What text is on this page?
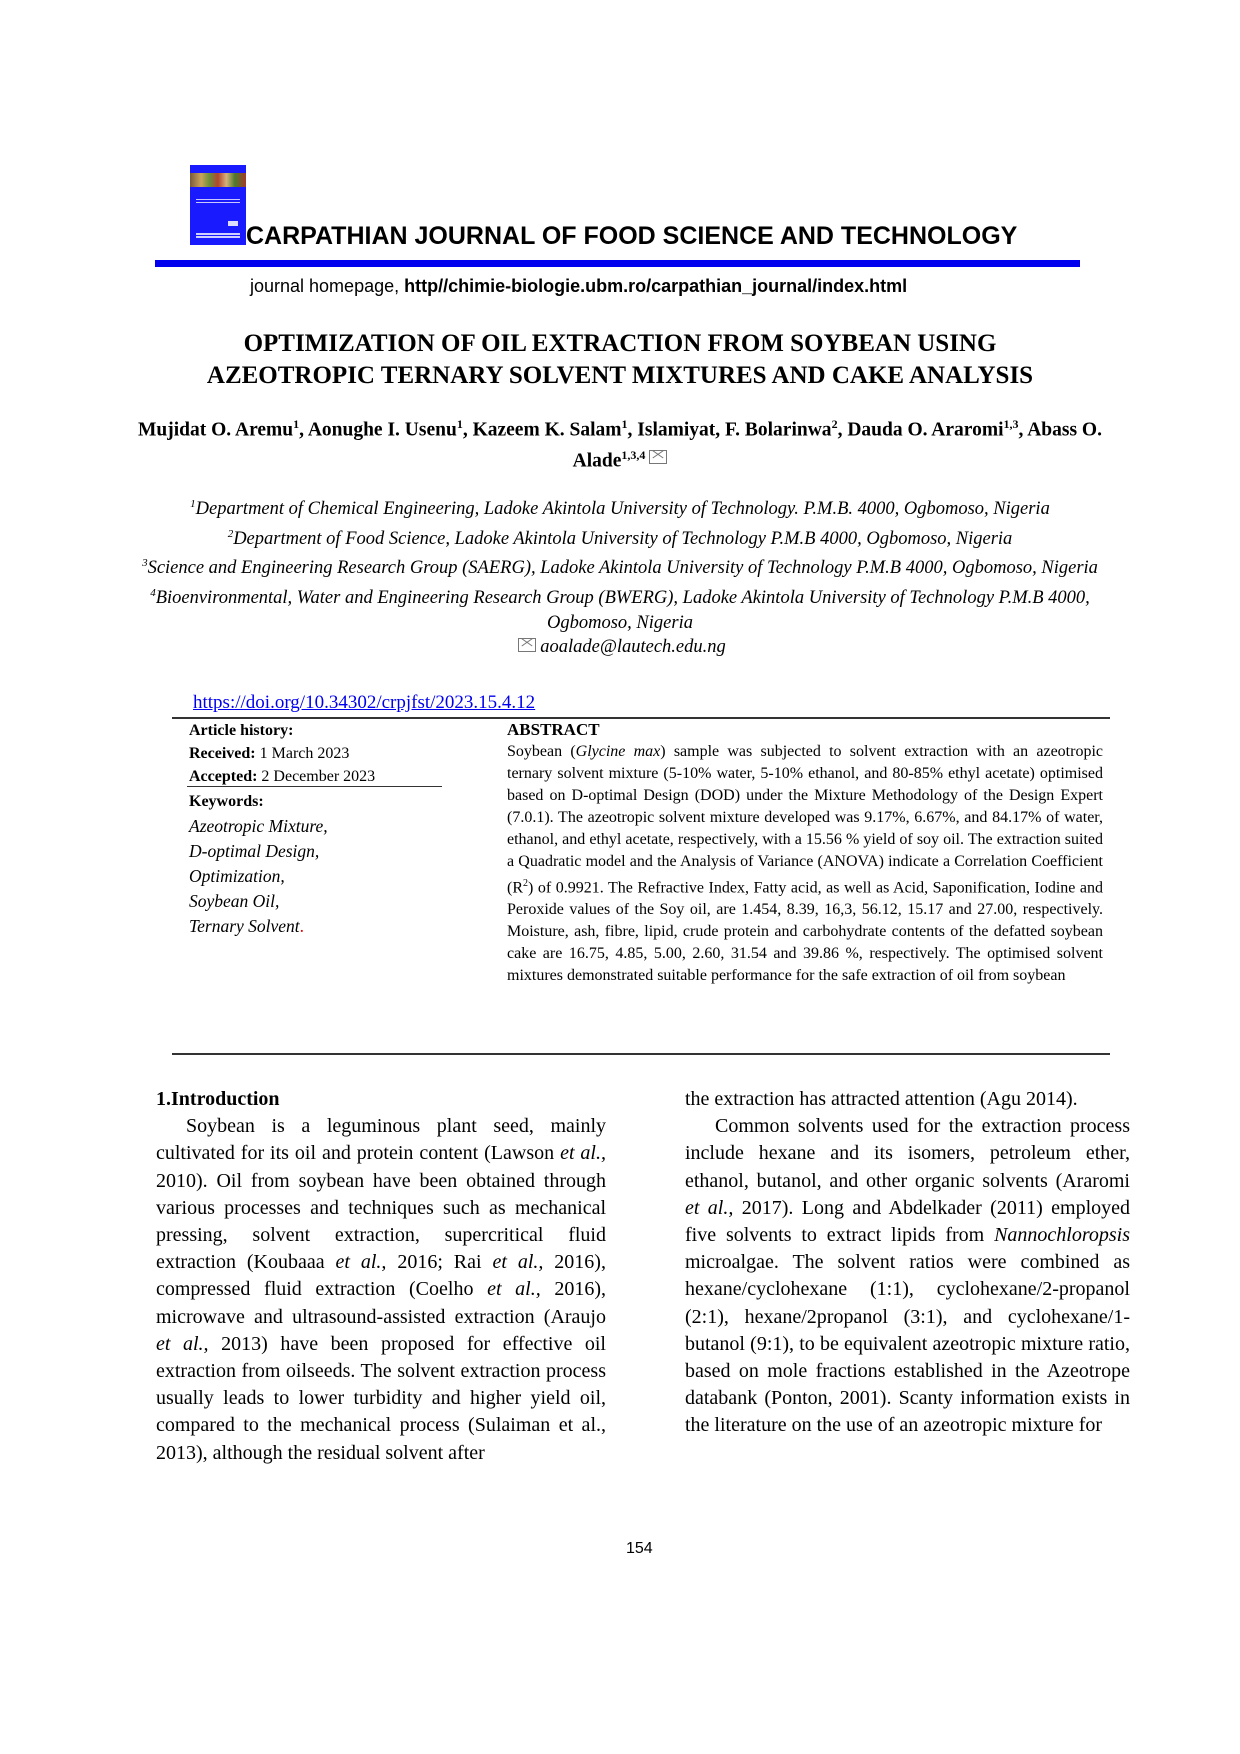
CARPATHIAN JOURNAL OF FOOD SCIENCE AND TECHNOLOGY
journal homepage, http//chimie-biologie.ubm.ro/carpathian_journal/index.html
OPTIMIZATION OF OIL EXTRACTION FROM SOYBEAN USING
AZEOTROPIC TERNARY SOLVENT MIXTURES AND CAKE ANALYSIS
Mujidat O. Aremu$^1$, Aonughe I. Usenu$^1$, Kazeem K. Salam$^1$, Islamiyat, F. Bolarinwa$^2$, Dauda O. Araromi$^{1,3}$, Abass O. Alade$^{1,3,4}$
$^1$Department of Chemical Engineering, Ladoke Akintola University of Technology. P.M.B. 4000, Ogbomoso, Nigeria
$^2$Department of Food Science, Ladoke Akintola University of Technology P.M.B 4000, Ogbomoso, Nigeria
$^3$Science and Engineering Research Group (SAERG), Ladoke Akintola University of Technology P.M.B 4000, Ogbomoso, Nigeria
$^4$Bioenvironmental, Water and Engineering Research Group (BWERG), Ladoke Akintola University of Technology P.M.B 4000, Ogbomoso, Nigeria
aoalade@lautech.edu.ng
https://doi.org/10.34302/crpjfst/2023.15.4.12
Article history:
Received: 1 March 2023
Accepted: 2 December 2023
Keywords:
Azeotropic Mixture,
D-optimal Design,
Optimization,
Soybean Oil,
Ternary Solvent.
ABSTRACT

Soybean (Glycine max) sample was subjected to solvent extraction with an azeotropic ternary solvent mixture (5-10% water, 5-10% ethanol, and 80-85% ethyl acetate) optimised based on D-optimal Design (DOD) under the Mixture Methodology of the Design Expert (7.0.1). The azeotropic solvent mixture developed was 9.17%, 6.67%, and 84.17% of water, ethanol, and ethyl acetate, respectively, with a 15.56 % yield of soy oil. The extraction suited a Quadratic model and the Analysis of Variance (ANOVA) indicate a Correlation Coefficient $(R^2)$ of 0.9921. The Refractive Index, Fatty acid, as well as Acid, Saponification, Iodine and Peroxide values of the Soy oil, are 1.454, 8.39, 16,3, 56.12, 15.17 and 27.00, respectively. Moisture, ash, fibre, lipid, crude protein and carbohydrate contents of the defatted soybean cake are 16.75, 4.85, 5.00, 2.60, 31.54 and 39.86 %, respectively. The optimised solvent mixtures demonstrated suitable performance for the safe extraction of oil from soybean

1.Introduction

Soybean is a leguminous plant seed, mainly cultivated for its oil and protein content (Lawson et al., 2010). Oil from soybean have been obtained through various processes and techniques such as mechanical pressing, solvent extraction, supercritical fluid extraction (Koubaaa et al., 2016; Rai et al., 2016), compressed fluid extraction (Coelho et al., 2016), microwave and ultrasound-assisted extraction (Araujo et al., 2013) have been proposed for effective oil extraction from oilseeds. The solvent extraction process usually leads to lower turbidity and higher yield oil, compared to the mechanical process (Sulaiman et al., 2013), although the residual solvent after

the extraction has attracted attention (Agu 2014).

Common solvents used for the extraction process include hexane and its isomers, petroleum ether, ethanol, butanol, and other organic solvents (Araromi et al., 2017). Long and Abdelkader (2011) employed five solvents to extract lipids from Nannochloropsis microalgae. The solvent ratios were combined as hexane/cyclohexane (1:1), cyclohexane/2-propanol (2:1), hexane/2propanol (3:1), and cyclohexane/1- butanol (9:1), to be equivalent azeotropic mixture ratio, based on mole fractions established in the Azeotrope databank (Ponton, 2001). Scanty information exists in the literature on the use of an azeotropic mixture for

154
